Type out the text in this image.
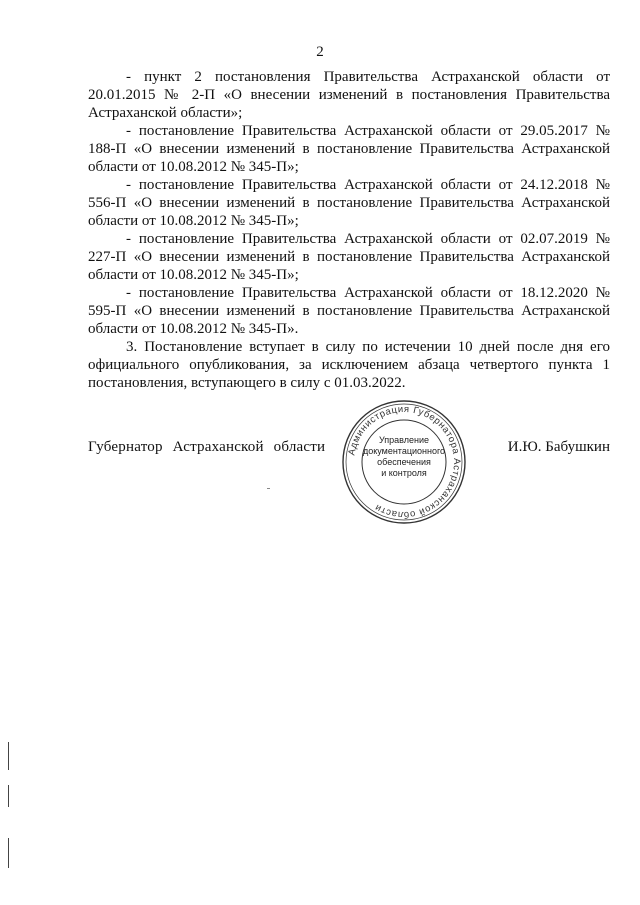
2

- пункт 2 постановления Правительства Астраханской области от 20.01.2015 № 2-П «О внесении изменений в постановления Правительства Астраханской области»;

- постановление Правительства Астраханской области от 29.05.2017 № 188-П «О внесении изменений в постановление Правительства Астраханской области от 10.08.2012 № 345-П»;

- постановление Правительства Астраханской области от 24.12.2018 № 556-П «О внесении изменений в постановление Правительства Астраханской области от 10.08.2012 № 345-П»;

- постановление Правительства Астраханской области от 02.07.2019 № 227-П «О внесении изменений в постановление Правительства Астраханской области от 10.08.2012 № 345-П»;

- постановление Правительства Астраханской области от 18.12.2020 № 595-П «О внесении изменений в постановление Правительства Астраханской области от 10.08.2012 № 345-П».

3. Постановление вступает в силу по истечении 10 дней после дня его официального опубликования, за исключением абзаца четвертого пункта 1 постановления, вступающего в силу с 01.03.2022.

Губернатор Астраханской области	И.Ю. Бабушкин
Администрация Губернатора Астраханской области
Управление
документационного
обеспечения
и контроля
